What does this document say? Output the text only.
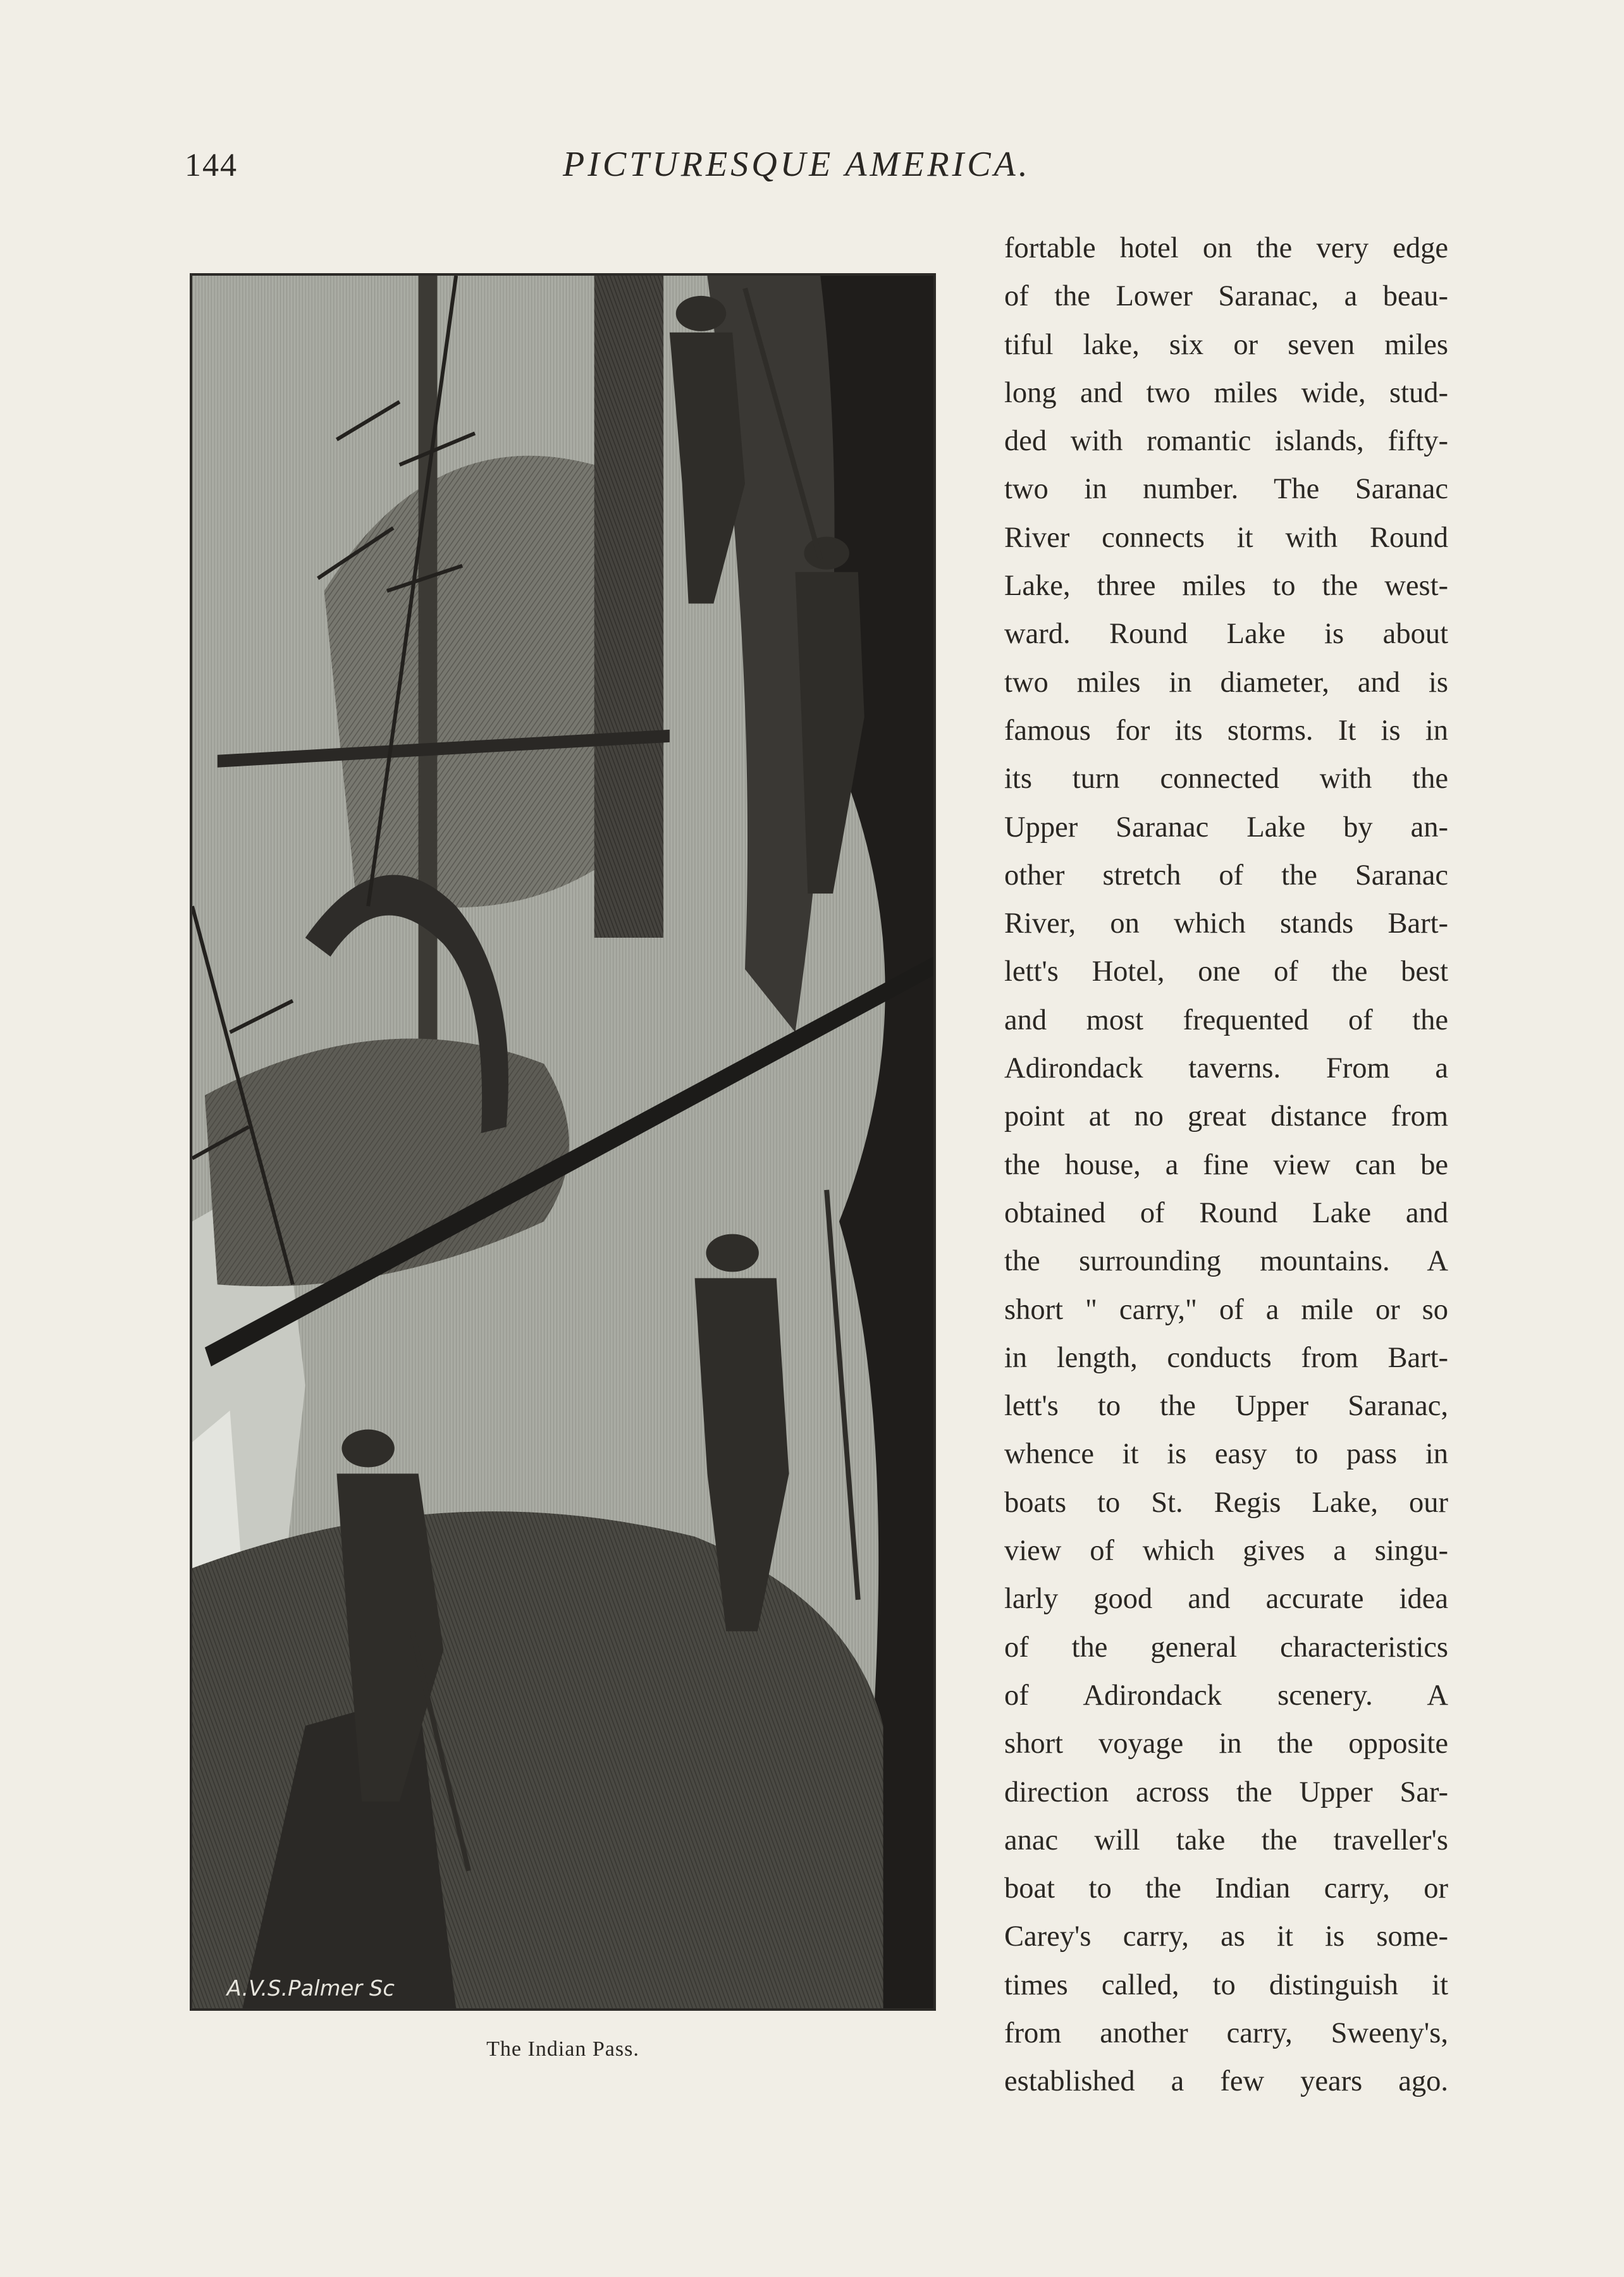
144	PICTURESQUE AMERICA.
A.V.S.Palmer Sc
The Indian Pass.
fortable hotel on the very edge
of the Lower Saranac, a beau-
tiful lake, six or seven miles
long and two miles wide, stud-
ded with romantic islands, fifty-
two in number. The Saranac
River connects it with Round
Lake, three miles to the west-
ward. Round Lake is about
two miles in diameter, and is
famous for its storms. It is in
its turn connected with the
Upper Saranac Lake by an-
other stretch of the Saranac
River, on which stands Bart-
lett's Hotel, one of the best
and most frequented of the
Adirondack taverns. From a
point at no great distance from
the house, a fine view can be
obtained of Round Lake and
the surrounding mountains. A
short " carry," of a mile or so
in length, conducts from Bart-
lett's to the Upper Saranac,
whence it is easy to pass in
boats to St. Regis Lake, our
view of which gives a singu-
larly good and accurate idea
of the general characteristics
of Adirondack scenery. A
short voyage in the opposite
direction across the Upper Sar-
anac will take the traveller's
boat to the Indian carry, or
Carey's carry, as it is some-
times called, to distinguish it
from another carry, Sweeny's,
established a few years ago.
